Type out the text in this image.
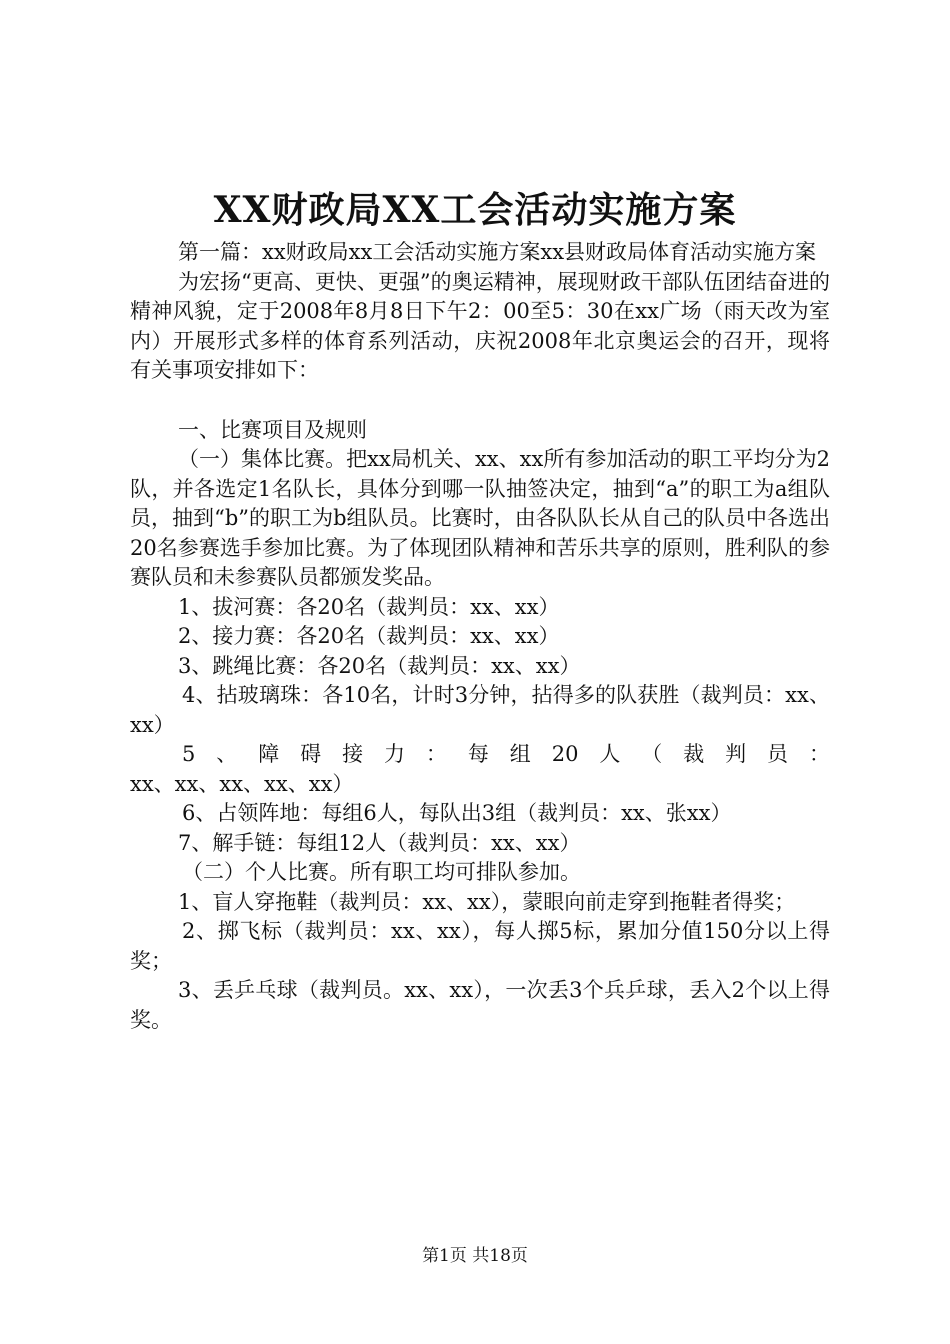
XX财政局XX工会活动实施方案

第一篇：xx财政局xx工会活动实施方案xx县财政局体育活动实施方案

为宏扬“更高、更快、更强”的奥运精神，展现财政干部队伍团结奋进的精神风貌，定于2008年8月8日下午2：00至5：30在xx广场（雨天改为室内）开展形式多样的体育系列活动，庆祝2008年北京奥运会的召开，现将有关事项安排如下：

一、比赛项目及规则

（一）集体比赛。把xx局机关、xx、xx所有参加活动的职工平均分为2队，并各选定1名队长，具体分到哪一队抽签决定，抽到“a”的职工为a组队员，抽到“b”的职工为b组队员。比赛时，由各队队长从自己的队员中各选出20名参赛选手参加比赛。为了体现团队精神和苦乐共享的原则，胜利队的参赛队员和未参赛队员都颁发奖品。

1、拔河赛：各20名（裁判员：xx、xx）

2、接力赛：各20名（裁判员：xx、xx）

3、跳绳比赛：各20名（裁判员：xx、xx）

4、拈玻璃珠：各10名，计时3分钟，拈得多的队获胜（裁判员：xx、xx）

5、障碍接力：每组20人（裁判员：

xx、xx、xx、xx、xx）

6、占领阵地：每组6人，每队出3组（裁判员：xx、张xx）

7、解手链：每组12人（裁判员：xx、xx）

（二）个人比赛。所有职工均可排队参加。

1、盲人穿拖鞋（裁判员：xx、xx），蒙眼向前走穿到拖鞋者得奖；

2、掷飞标（裁判员：xx、xx），每人掷5标，累加分值150分以上得奖；

3、丢乒乓球（裁判员。xx、xx），一次丢3个兵乒球，丢入2个以上得奖。

第1页 共18页
